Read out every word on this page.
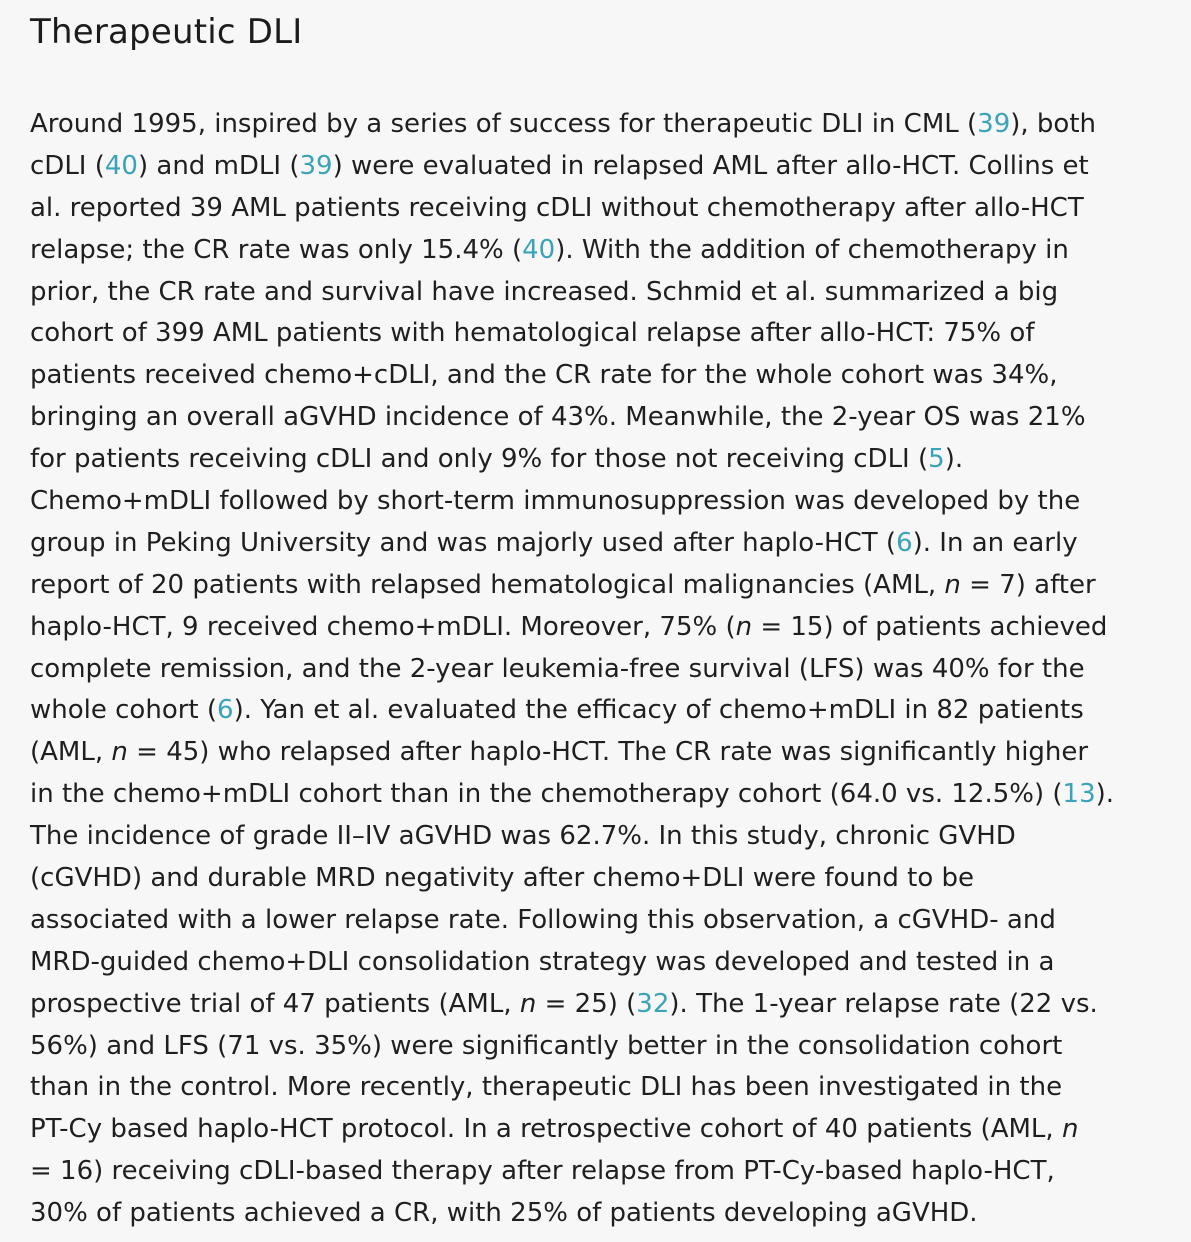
Therapeutic DLI
Around 1995, inspired by a series of success for therapeutic DLI in CML (39), both
cDLI (40) and mDLI (39) were evaluated in relapsed AML after allo-HCT. Collins et
al. reported 39 AML patients receiving cDLI without chemotherapy after allo-HCT
relapse; the CR rate was only 15.4% (40). With the addition of chemotherapy in
prior, the CR rate and survival have increased. Schmid et al. summarized a big
cohort of 399 AML patients with hematological relapse after allo-HCT: 75% of
patients received chemo+cDLI, and the CR rate for the whole cohort was 34%,
bringing an overall aGVHD incidence of 43%. Meanwhile, the 2-year OS was 21%
for patients receiving cDLI and only 9% for those not receiving cDLI (5).
Chemo+mDLI followed by short-term immunosuppression was developed by the
group in Peking University and was majorly used after haplo-HCT (6). In an early
report of 20 patients with relapsed hematological malignancies (AML, n = 7) after
haplo-HCT, 9 received chemo+mDLI. Moreover, 75% (n = 15) of patients achieved
complete remission, and the 2-year leukemia-free survival (LFS) was 40% for the
whole cohort (6). Yan et al. evaluated the efficacy of chemo+mDLI in 82 patients
(AML, n = 45) who relapsed after haplo-HCT. The CR rate was significantly higher
in the chemo+mDLI cohort than in the chemotherapy cohort (64.0 vs. 12.5%) (13).
The incidence of grade II–IV aGVHD was 62.7%. In this study, chronic GVHD
(cGVHD) and durable MRD negativity after chemo+DLI were found to be
associated with a lower relapse rate. Following this observation, a cGVHD- and
MRD-guided chemo+DLI consolidation strategy was developed and tested in a
prospective trial of 47 patients (AML, n = 25) (32). The 1-year relapse rate (22 vs.
56%) and LFS (71 vs. 35%) were significantly better in the consolidation cohort
than in the control. More recently, therapeutic DLI has been investigated in the
PT-Cy based haplo-HCT protocol. In a retrospective cohort of 40 patients (AML, n
= 16) receiving cDLI-based therapy after relapse from PT-Cy-based haplo-HCT,
30% of patients achieved a CR, with 25% of patients developing aGVHD.
